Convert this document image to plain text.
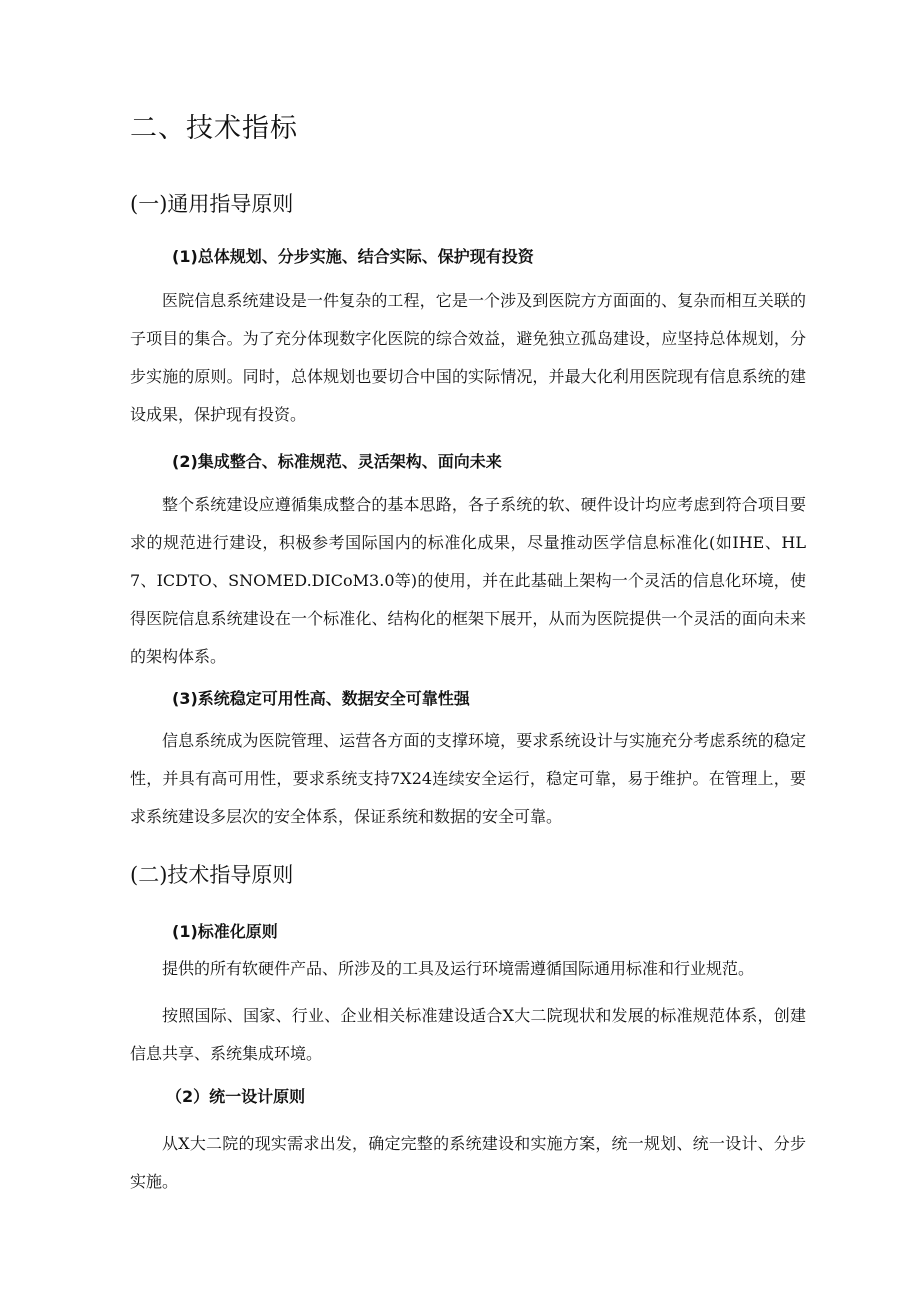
二、技术指标
(一)通用指导原则
(1)总体规划、分步实施、结合实际、保护现有投资

医院信息系统建设是一件复杂的工程，它是一个涉及到医院方方面面的、复杂而相互关联的子项目的集合。为了充分体现数字化医院的综合效益，避免独立孤岛建设，应坚持总体规划，分步实施的原则。同时，总体规划也要切合中国的实际情况，并最大化利用医院现有信息系统的建设成果，保护现有投资。

(2)集成整合、标准规范、灵活架构、面向未来

整个系统建设应遵循集成整合的基本思路，各子系统的软、硬件设计均应考虑到符合项目要求的规范进行建设，积极参考国际国内的标准化成果，尽量推动医学信息标准化(如IHE、HL7、ICDTO、SNOMED.DICoM3.0等)的使用，并在此基础上架构一个灵活的信息化环境，使得医院信息系统建设在一个标准化、结构化的框架下展开，从而为医院提供一个灵活的面向未来的架构体系。

(3)系统稳定可用性高、数据安全可靠性强

信息系统成为医院管理、运营各方面的支撑环境，要求系统设计与实施充分考虑系统的稳定性，并具有高可用性，要求系统支持7X24连续安全运行，稳定可靠，易于维护。在管理上，要求系统建设多层次的安全体系，保证系统和数据的安全可靠。

(二)技术指导原则
(1)标准化原则

提供的所有软硬件产品、所涉及的工具及运行环境需遵循国际通用标准和行业规范。

按照国际、国家、行业、企业相关标准建设适合X大二院现状和发展的标准规范体系，创建信息共享、系统集成环境。

（2）统一设计原则

从X大二院的现实需求出发，确定完整的系统建设和实施方案，统一规划、统一设计、分步实施。
